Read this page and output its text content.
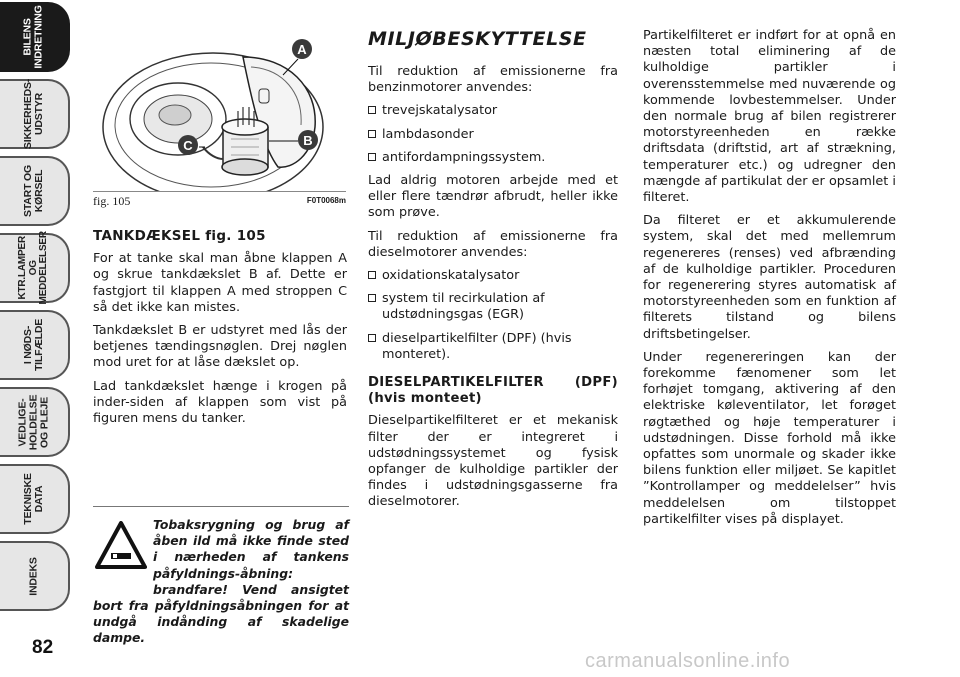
BILENS
INDRETNING
SIKKERHEDS-
UDSTYR
START OG
KØRSEL
KTR.LAMPER
OG
MEDDELELSER
I NØDS-
TILFÆLDE
VEDLIGE-
HOLDELSE
OG PLEJE
TEKNISKE
DATA
INDEKS
82
A
B
C
fig. 105	F0T0068m

TANKDÆKSEL fig. 105

For at tanke skal man åbne klappen A og skrue tankdækslet B af. Dette er fastgjort til klappen A med stroppen C så det ikke kan mistes.

Tankdækslet B er udstyret med lås der betjenes tændingsnøglen. Drej nøglen mod uret for at låse dækslet op.

Lad tankdækslet hænge i krogen på inder-siden af klappen som vist på figuren mens du tanker.

Tobaksrygning og brug af åben ild må ikke finde sted i nærheden af tankens påfyldnings-åbning: brandfare! Vend ansigtet bort fra påfyldningsåbningen for at undgå indånding af skadelige dampe.

MILJØBESKYTTELSE

Til reduktion af emissionerne fra benzinmotorer anvendes:

trevejskatalysator
lambdasonder
antifordampningssystem.

Lad aldrig motoren arbejde med et eller flere tændrør afbrudt, heller ikke som prøve.

Til reduktion af emissionerne fra dieselmotorer anvendes:

oxidationskatalysator
system til recirkulation af udstødningsgas (EGR)
dieselpartikelfilter (DPF) (hvis monteret).

DIESELPARTIKELFILTER (DPF) (hvis monteet)

Dieselpartikelfilteret er et mekanisk filter der er integreret i udstødningssystemet og fysisk opfanger de kulholdige partikler der findes i udstødningsgasserne fra dieselmotorer.

Partikelfilteret er indført for at opnå en næsten total eliminering af de kulholdige partikler i overensstemmelse med nuværende og kommende lovbestemmelser. Under den normale brug af bilen registrerer motorstyreenheden en række driftsdata (driftstid, art af strækning, temperaturer etc.) og udregner den mængde af partikulat der er opsamlet i filteret.

Da filteret er et akkumulerende system, skal det med mellemrum regenereres (renses) ved afbrænding af de kulholdige partikler. Proceduren for regenerering styres automatisk af motorstyreenheden som en funktion af filterets tilstand og bilens driftsbetingelser.

Under regenereringen kan der forekomme fænomener som let forhøjet tomgang, aktivering af den elektriske køleventilator, let forøget røgtæthed og høje temperaturer i udstødningen. Disse forhold må ikke opfattes som unormale og skader ikke bilens funktion eller miljøet. Se kapitlet ”Kontrollamper og meddelelser” hvis meddelelsen om tilstoppet partikelfilter vises på displayet.

carmanualsonline.info
